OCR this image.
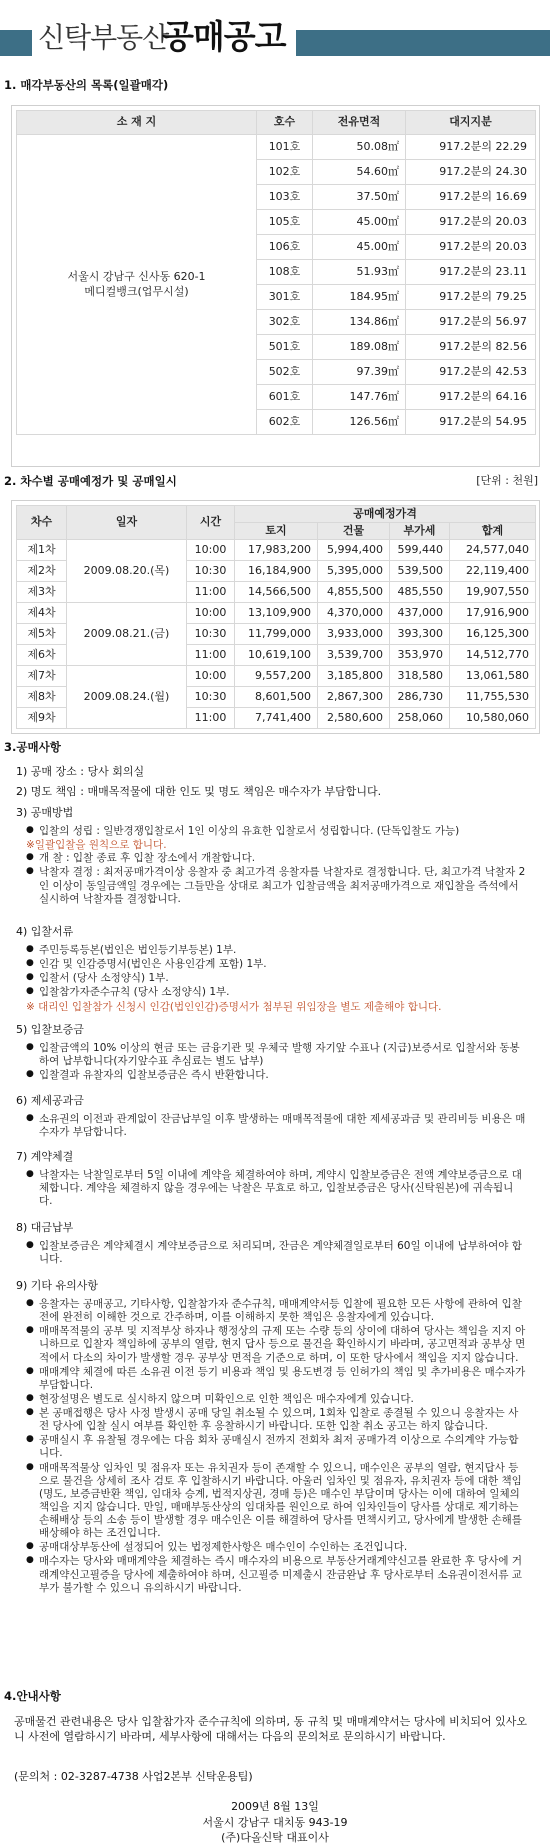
신탁부동산
공매공고
1. 매각부동산의 목록(일괄매각)
소 재 지	호수	전유면적	대지지분

서울시 강남구 신사동 620-1
메디컬뱅크(업무시설)	101호	50.08㎡	917.2분의 22.29
	102호	54.60㎡	917.2분의 24.30
	103호	37.50㎡	917.2분의 16.69
	105호	45.00㎡	917.2분의 20.03
	106호	45.00㎡	917.2분의 20.03
	108호	51.93㎡	917.2분의 23.11
	301호	184.95㎡	917.2분의 79.25
	302호	134.86㎡	917.2분의 56.97
	501호	189.08㎡	917.2분의 82.56
	502호	97.39㎡	917.2분의 42.53
	601호	147.76㎡	917.2분의 64.16
	602호	126.56㎡	917.2분의 54.95
2. 차수별 공매예정가 및 공매일시	[단위 : 천원]
차수	일자	시간	공매예정가격			
			토지	건물	부가세	합계
제1차	2009.08.20.(목)	10:00	17,983,200	5,994,400	599,440	24,577,040
제2차		10:30	16,184,900	5,395,000	539,500	22,119,400
제3차		11:00	14,566,500	4,855,500	485,550	19,907,550
제4차	2009.08.21.(금)	10:00	13,109,900	4,370,000	437,000	17,916,900
제5차		10:30	11,799,000	3,933,000	393,300	16,125,300
제6차		11:00	10,619,100	3,539,700	353,970	14,512,770
제7차	2009.08.24.(월)	10:00	9,557,200	3,185,800	318,580	13,061,580
제8차		10:30	8,601,500	2,867,300	286,730	11,755,530
제9차		11:00	7,741,400	2,580,600	258,060	10,580,060
3.공매사항
1) 공매 장소 : 당사 회의실
2) 명도 책임 : 매매목적물에 대한 인도 및 명도 책임은 매수자가 부담합니다.
3) 공매방법
● 입찰의 성립 : 일반경쟁입찰로서 1인 이상의 유효한 입찰로서 성립합니다. (단독입찰도 가능)
※일괄입찰을 원칙으로 합니다.
● 개 찰 : 입찰 종료 후 입찰 장소에서 개찰합니다.
● 낙찰자 결정 : 최저공매가격이상 응찰자 중 최고가격 응찰자를 낙찰자로 결정합니다. 단, 최고가격 낙찰자 2인 이상이 동일금액일 경우에는 그들만을 상대로 최고가 입찰금액을 최저공매가격으로 재입찰을 즉석에서 실시하여 낙찰자를 결정합니다.
4) 입찰서류
● 주민등록등본(법인은 법인등기부등본) 1부.
● 인감 및 인감증명서(법인은 사용인감계 포함) 1부.
● 입찰서 (당사 소정양식) 1부.
● 입찰참가자준수규칙 (당사 소정양식) 1부.
※ 대리인 입찰참가 신청시 인감(법인인감)증명서가 첨부된 위임장을 별도 제출해야 합니다.
5) 입찰보증금
● 입찰금액의 10% 이상의 현금 또는 금융기관 및 우체국 발행 자기앞 수표나 (지급)보증서로 입찰서와 동봉하여 납부합니다(자기앞수표 추심료는 별도 납부)
● 입찰결과 유찰자의 입찰보증금은 즉시 반환합니다.
6) 제세공과금
● 소유권의 이전과 관계없이 잔금납부일 이후 발생하는 매매목적물에 대한 제세공과금 및 관리비등 비용은 매수자가 부담합니다.
7) 계약체결
● 낙찰자는 낙찰일로부터 5일 이내에 계약을 체결하여야 하며, 계약시 입찰보증금은 전액 계약보증금으로 대체합니다. 계약을 체결하지 않을 경우에는 낙찰은 무효로 하고, 입찰보증금은 당사(신탁원본)에 귀속됩니다.
8) 대금납부
● 입찰보증금은 계약체결시 계약보증금으로 처리되며, 잔금은 계약체결일로부터 60일 이내에 납부하여야 합니다.
9) 기타 유의사항
● 응찰자는 공매공고, 기타사항, 입찰참가자 준수규칙, 매매계약서등 입찰에 필요한 모든 사항에 관하여 입찰전에 완전히 이해한 것으로 간주하며, 이를 이해하지 못한 책임은 응찰자에게 있습니다.
● 매매목적물의 공부 및 지적부상 하자나 행정상의 규제 또는 수량 등의 상이에 대하여 당사는 책임을 지지 아니하므로 입찰자 책임하에 공부의 열람, 현지 답사 등으로 물건을 확인하시기 바라며, 공고면적과 공부상 면적에서 다소의 차이가 발생할 경우 공부상 면적을 기준으로 하며, 이 또한 당사에서 책임을 지지 않습니다.
● 매매계약 체결에 따른 소유권 이전 등기 비용과 책임 및 용도변경 등 인허가의 책임 및 추가비용은 매수자가 부담합니다.
● 현장설명은 별도로 실시하지 않으며 미확인으로 인한 책임은 매수자에게 있습니다.
● 본 공매접행은 당사 사정 발생시 공매 당일 취소될 수 있으며, 1회차 입찰로 종결될 수 있으니 응찰자는 사전 당사에 입찰 실시 여부를 확인한 후 응찰하시기 바랍니다. 또한 입찰 취소 공고는 하지 않습니다.
● 공매실시 후 유찰될 경우에는 다음 회차 공매실시 전까지 전회차 최저 공매가격 이상으로 수의계약 가능합니다.
● 매매목적물상 임차인 및 점유자 또는 유치권자 등이 존재할 수 있으니, 매수인은 공부의 열람, 현지답사 등으로 물건을 상세히 조사 검토 후 입찰하시기 바랍니다. 아울러 임차인 및 점유자, 유치권자 등에 대한 책임(명도, 보증금반환 책임, 임대차 승계, 법적지상권, 경매 등)은 매수인 부담이며 당사는 이에 대하여 일체의 책임을 지지 않습니다. 만일, 매매부동산상의 임대차를 원인으로 하여 임차인들이 당사를 상대로 제기하는 손해배상 등의 소송 등이 발생할 경우 매수인은 이를 해결하여 당사를 면책시키고, 당사에게 발생한 손해를 배상해야 하는 조건입니다.
● 공매대상부동산에 설정되어 있는 법정제한사항은 매수인이 수인하는 조건입니다.
● 매수자는 당사와 매매계약을 체결하는 즉시 매수자의 비용으로 부동산거래계약신고를 완료한 후 당사에 거래계약신고필증을 당사에 제출하여야 하며, 신고필증 미제출시 잔금완납 후 당사로부터 소유권이전서류 교부가 불가할 수 있으니 유의하시기 바랍니다.
4.안내사항
공매물건 관련내용은 당사 입찰참가자 준수규칙에 의하며, 동 규칙 및 매매계약서는 당사에 비치되어 있사오니 사전에 열람하시기 바라며, 세부사항에 대해서는 다음의 문의처로 문의하시기 바랍니다.
(문의처 : 02-3287-4738 사업2본부 신탁운용팀)
2009년 8월 13일
서울시 강남구 대치동 943-19
(주)다올신탁 대표이사
